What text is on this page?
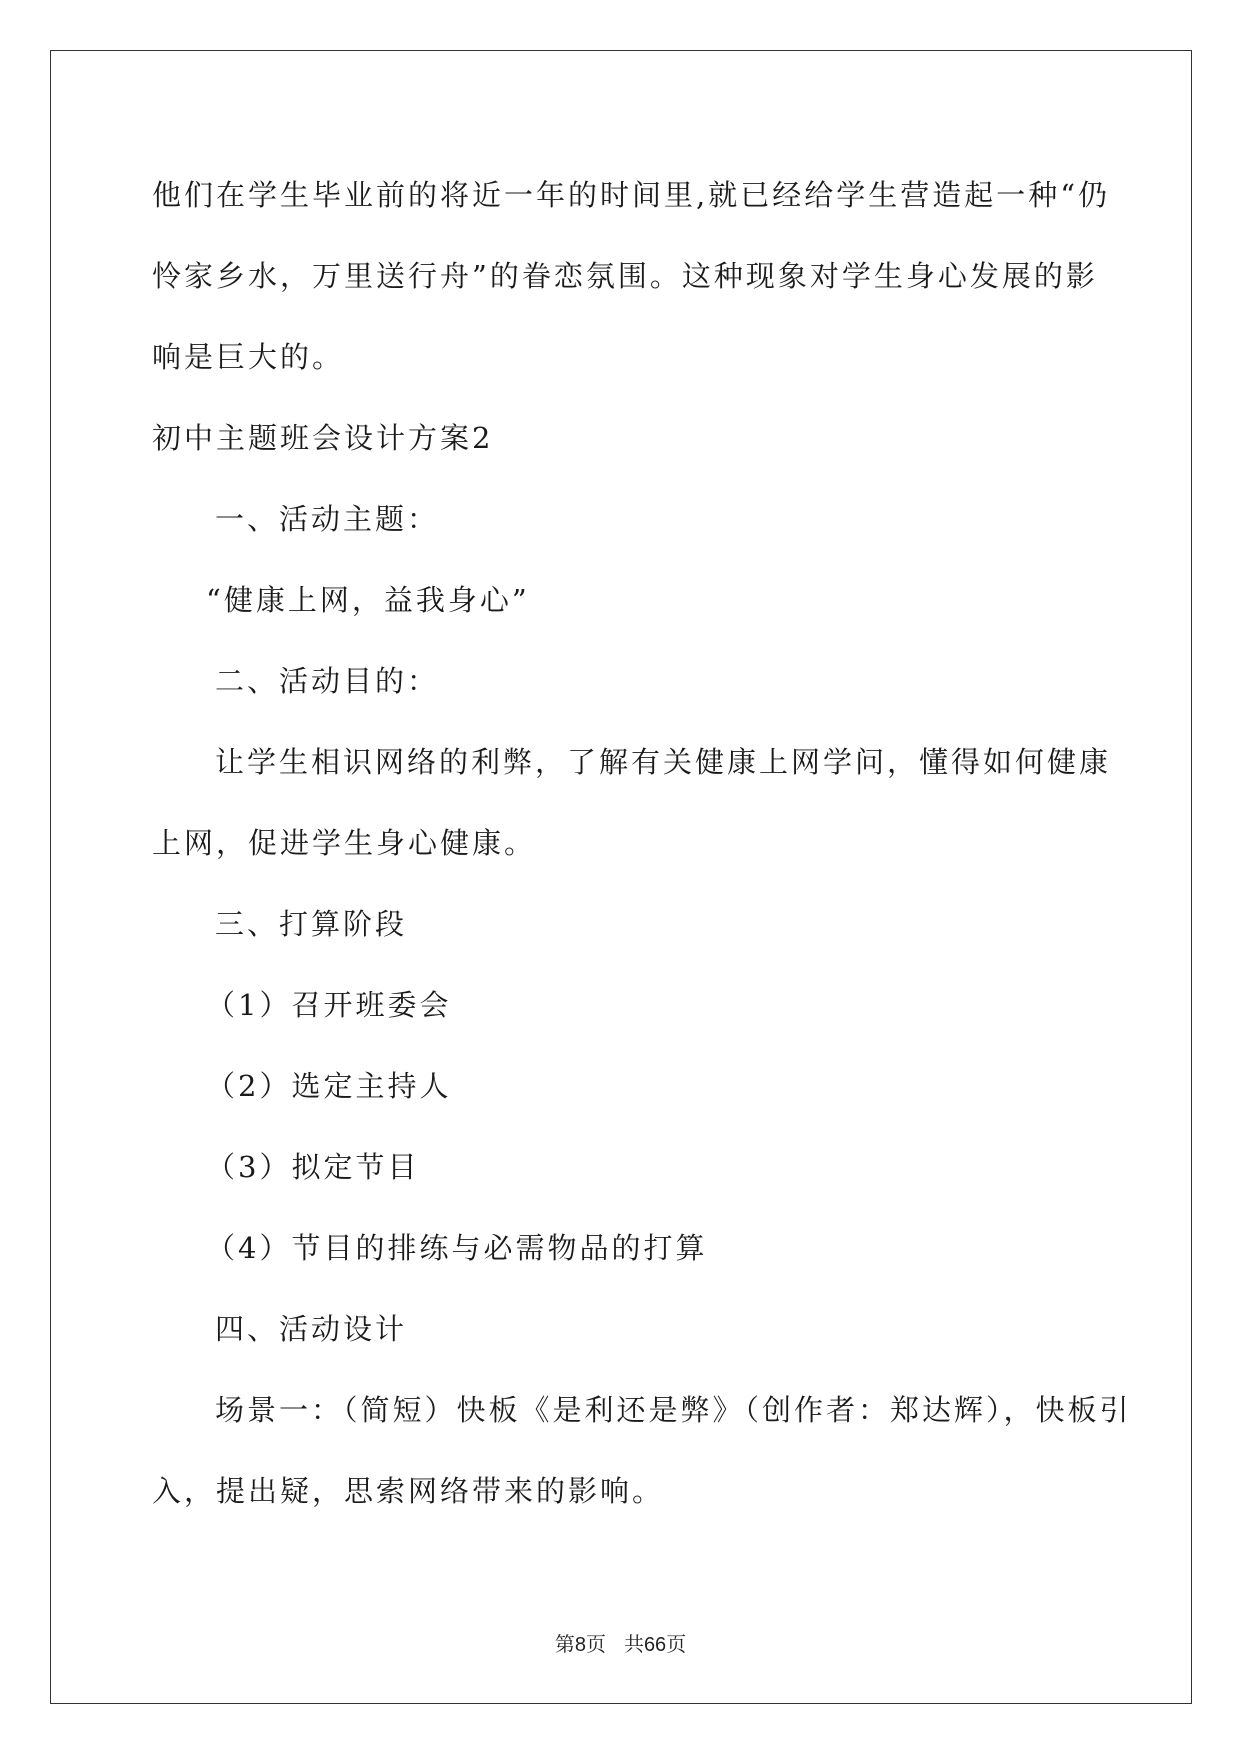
他们在学生毕业前的将近一年的时间里,就已经给学生营造起一种“仍

怜家乡水，万里送行舟”的眷恋氛围。这种现象对学生身心发展的影

响是巨大的。

初中主题班会设计方案2

一、活动主题：

“健康上网，益我身心”

二、活动目的：

让学生相识网络的利弊，了解有关健康上网学问，懂得如何健康

上网，促进学生身心健康。

三、打算阶段

（1）召开班委会

（2）选定主持人

（3）拟定节目

（4）节目的排练与必需物品的打算

四、活动设计

场景一：（简短）快板《是利还是弊》（创作者：郑达辉），快板引

入，提出疑，思索网络带来的影响。

第8页 共66页
